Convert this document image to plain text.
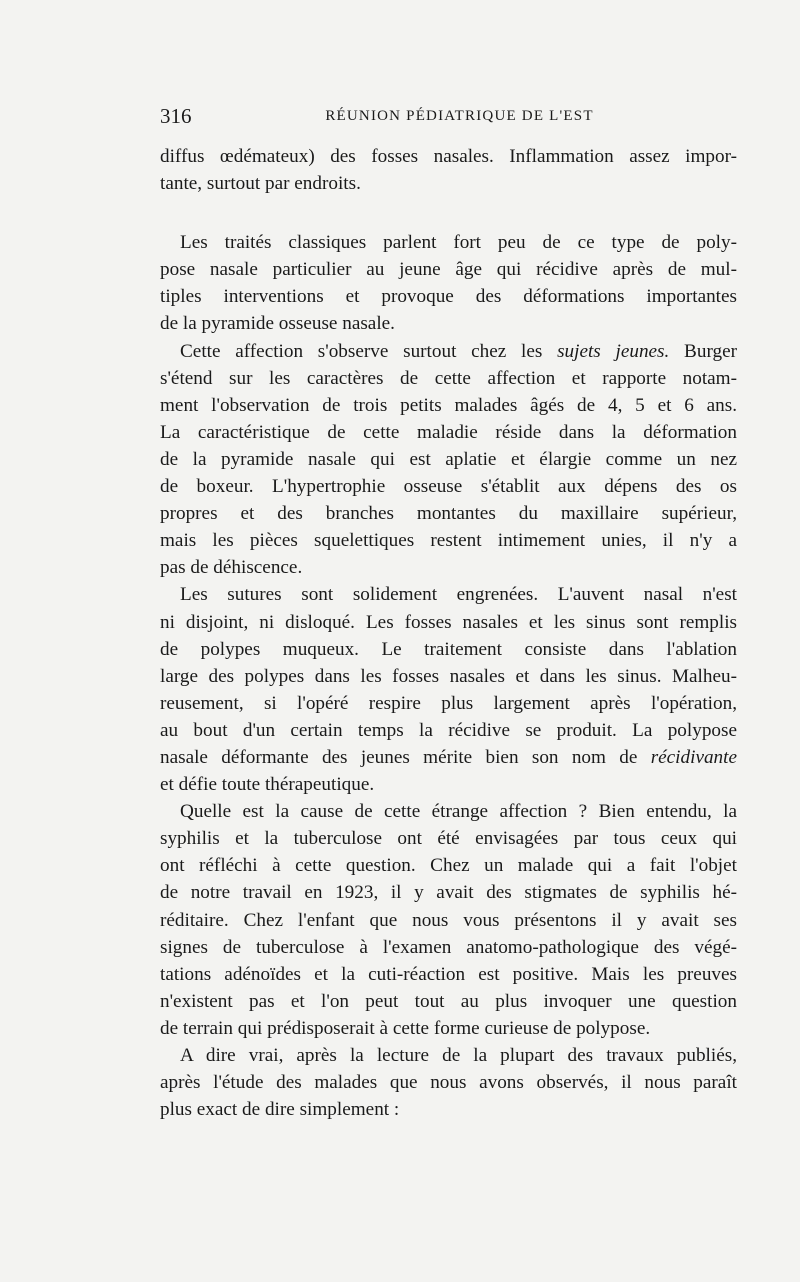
316	RÉUNION PÉDIATRIQUE DE L'EST
diffus œdémateux) des fosses nasales. Inflammation assez impor-
tante, surtout par endroits.
Les traités classiques parlent fort peu de ce type de poly-
pose nasale particulier au jeune âge qui récidive après de mul-
tiples interventions et provoque des déformations importantes
de la pyramide osseuse nasale.
Cette affection s'observe surtout chez les sujets jeunes. Burger
s'étend sur les caractères de cette affection et rapporte notam-
ment l'observation de trois petits malades âgés de 4, 5 et 6 ans.
La caractéristique de cette maladie réside dans la déformation
de la pyramide nasale qui est aplatie et élargie comme un nez
de boxeur. L'hypertrophie osseuse s'établit aux dépens des os
propres et des branches montantes du maxillaire supérieur,
mais les pièces squelettiques restent intimement unies, il n'y a
pas de déhiscence.
Les sutures sont solidement engrenées. L'auvent nasal n'est
ni disjoint, ni disloqué. Les fosses nasales et les sinus sont remplis
de polypes muqueux. Le traitement consiste dans l'ablation
large des polypes dans les fosses nasales et dans les sinus. Malheu-
reusement, si l'opéré respire plus largement après l'opération,
au bout d'un certain temps la récidive se produit. La polypose
nasale déformante des jeunes mérite bien son nom de récidivante
et défie toute thérapeutique.
Quelle est la cause de cette étrange affection ? Bien entendu, la
syphilis et la tuberculose ont été envisagées par tous ceux qui
ont réfléchi à cette question. Chez un malade qui a fait l'objet
de notre travail en 1923, il y avait des stigmates de syphilis hé-
réditaire. Chez l'enfant que nous vous présentons il y avait ses
signes de tuberculose à l'examen anatomo-pathologique des végé-
tations adénoïdes et la cuti-réaction est positive. Mais les preuves
n'existent pas et l'on peut tout au plus invoquer une question
de terrain qui prédisposerait à cette forme curieuse de polypose.
A dire vrai, après la lecture de la plupart des travaux publiés,
après l'étude des malades que nous avons observés, il nous paraît
plus exact de dire simplement :
